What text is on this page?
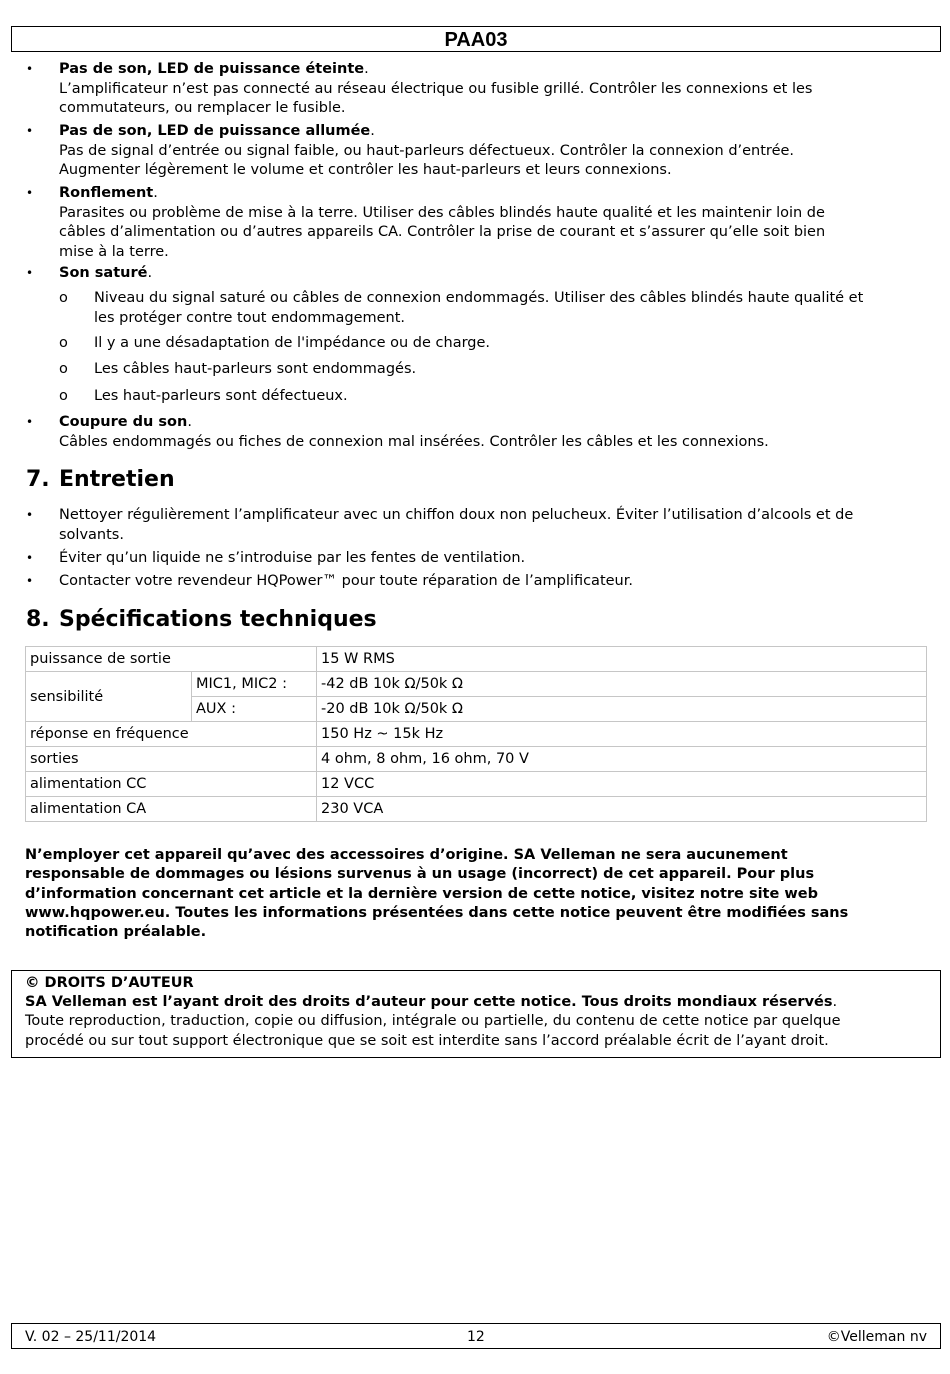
PAA03
• Pas de son, LED de puissance éteinte.
L’amplificateur n’est pas connecté au réseau électrique ou fusible grillé. Contrôler les connexions et les
commutateurs, ou remplacer le fusible.
• Pas de son, LED de puissance allumée.
Pas de signal d’entrée ou signal faible, ou haut-parleurs défectueux. Contrôler la connexion d’entrée.
Augmenter légèrement le volume et contrôler les haut-parleurs et leurs connexions.
• Ronflement.
Parasites ou problème de mise à la terre. Utiliser des câbles blindés haute qualité et les maintenir loin de
câbles d’alimentation ou d’autres appareils CA. Contrôler la prise de courant et s’assurer qu’elle soit bien
mise à la terre.
• Son saturé.
o Niveau du signal saturé ou câbles de connexion endommagés. Utiliser des câbles blindés haute qualité et
les protéger contre tout endommagement.
o Il y a une désadaptation de l'impédance ou de charge.
o Les câbles haut-parleurs sont endommagés.
o Les haut-parleurs sont défectueux.
• Coupure du son.
Câbles endommagés ou fiches de connexion mal insérées. Contrôler les câbles et les connexions.
7. Entretien
• Nettoyer régulièrement l’amplificateur avec un chiffon doux non pelucheux. Éviter l’utilisation d’alcools et de
solvants.
• Éviter qu’un liquide ne s’introduise par les fentes de ventilation.
• Contacter votre revendeur HQPower™ pour toute réparation de l’amplificateur.
8. Spécifications techniques
puissance de sortie		15 W RMS
sensibilité	MIC1, MIC2 :	-42 dB 10k Ω/50k Ω
	AUX :	-20 dB 10k Ω/50k Ω
réponse en fréquence		150 Hz ~ 15k Hz
sorties		4 ohm, 8 ohm, 16 ohm, 70 V
alimentation CC		12 VCC
alimentation CA		230 VCA
N’employer cet appareil qu’avec des accessoires d’origine. SA Velleman ne sera aucunement
responsable de dommages ou lésions survenus à un usage (incorrect) de cet appareil. Pour plus
d’information concernant cet article et la dernière version de cette notice, visitez notre site web
www.hqpower.eu. Toutes les informations présentées dans cette notice peuvent être modifiées sans
notification préalable.
© DROITS D’AUTEUR
SA Velleman est l’ayant droit des droits d’auteur pour cette notice. Tous droits mondiaux réservés.
Toute reproduction, traduction, copie ou diffusion, intégrale ou partielle, du contenu de cette notice par quelque
procédé ou sur tout support électronique que se soit est interdite sans l’accord préalable écrit de l’ayant droit.
V. 02 – 25/11/2014	12	©Velleman nv
